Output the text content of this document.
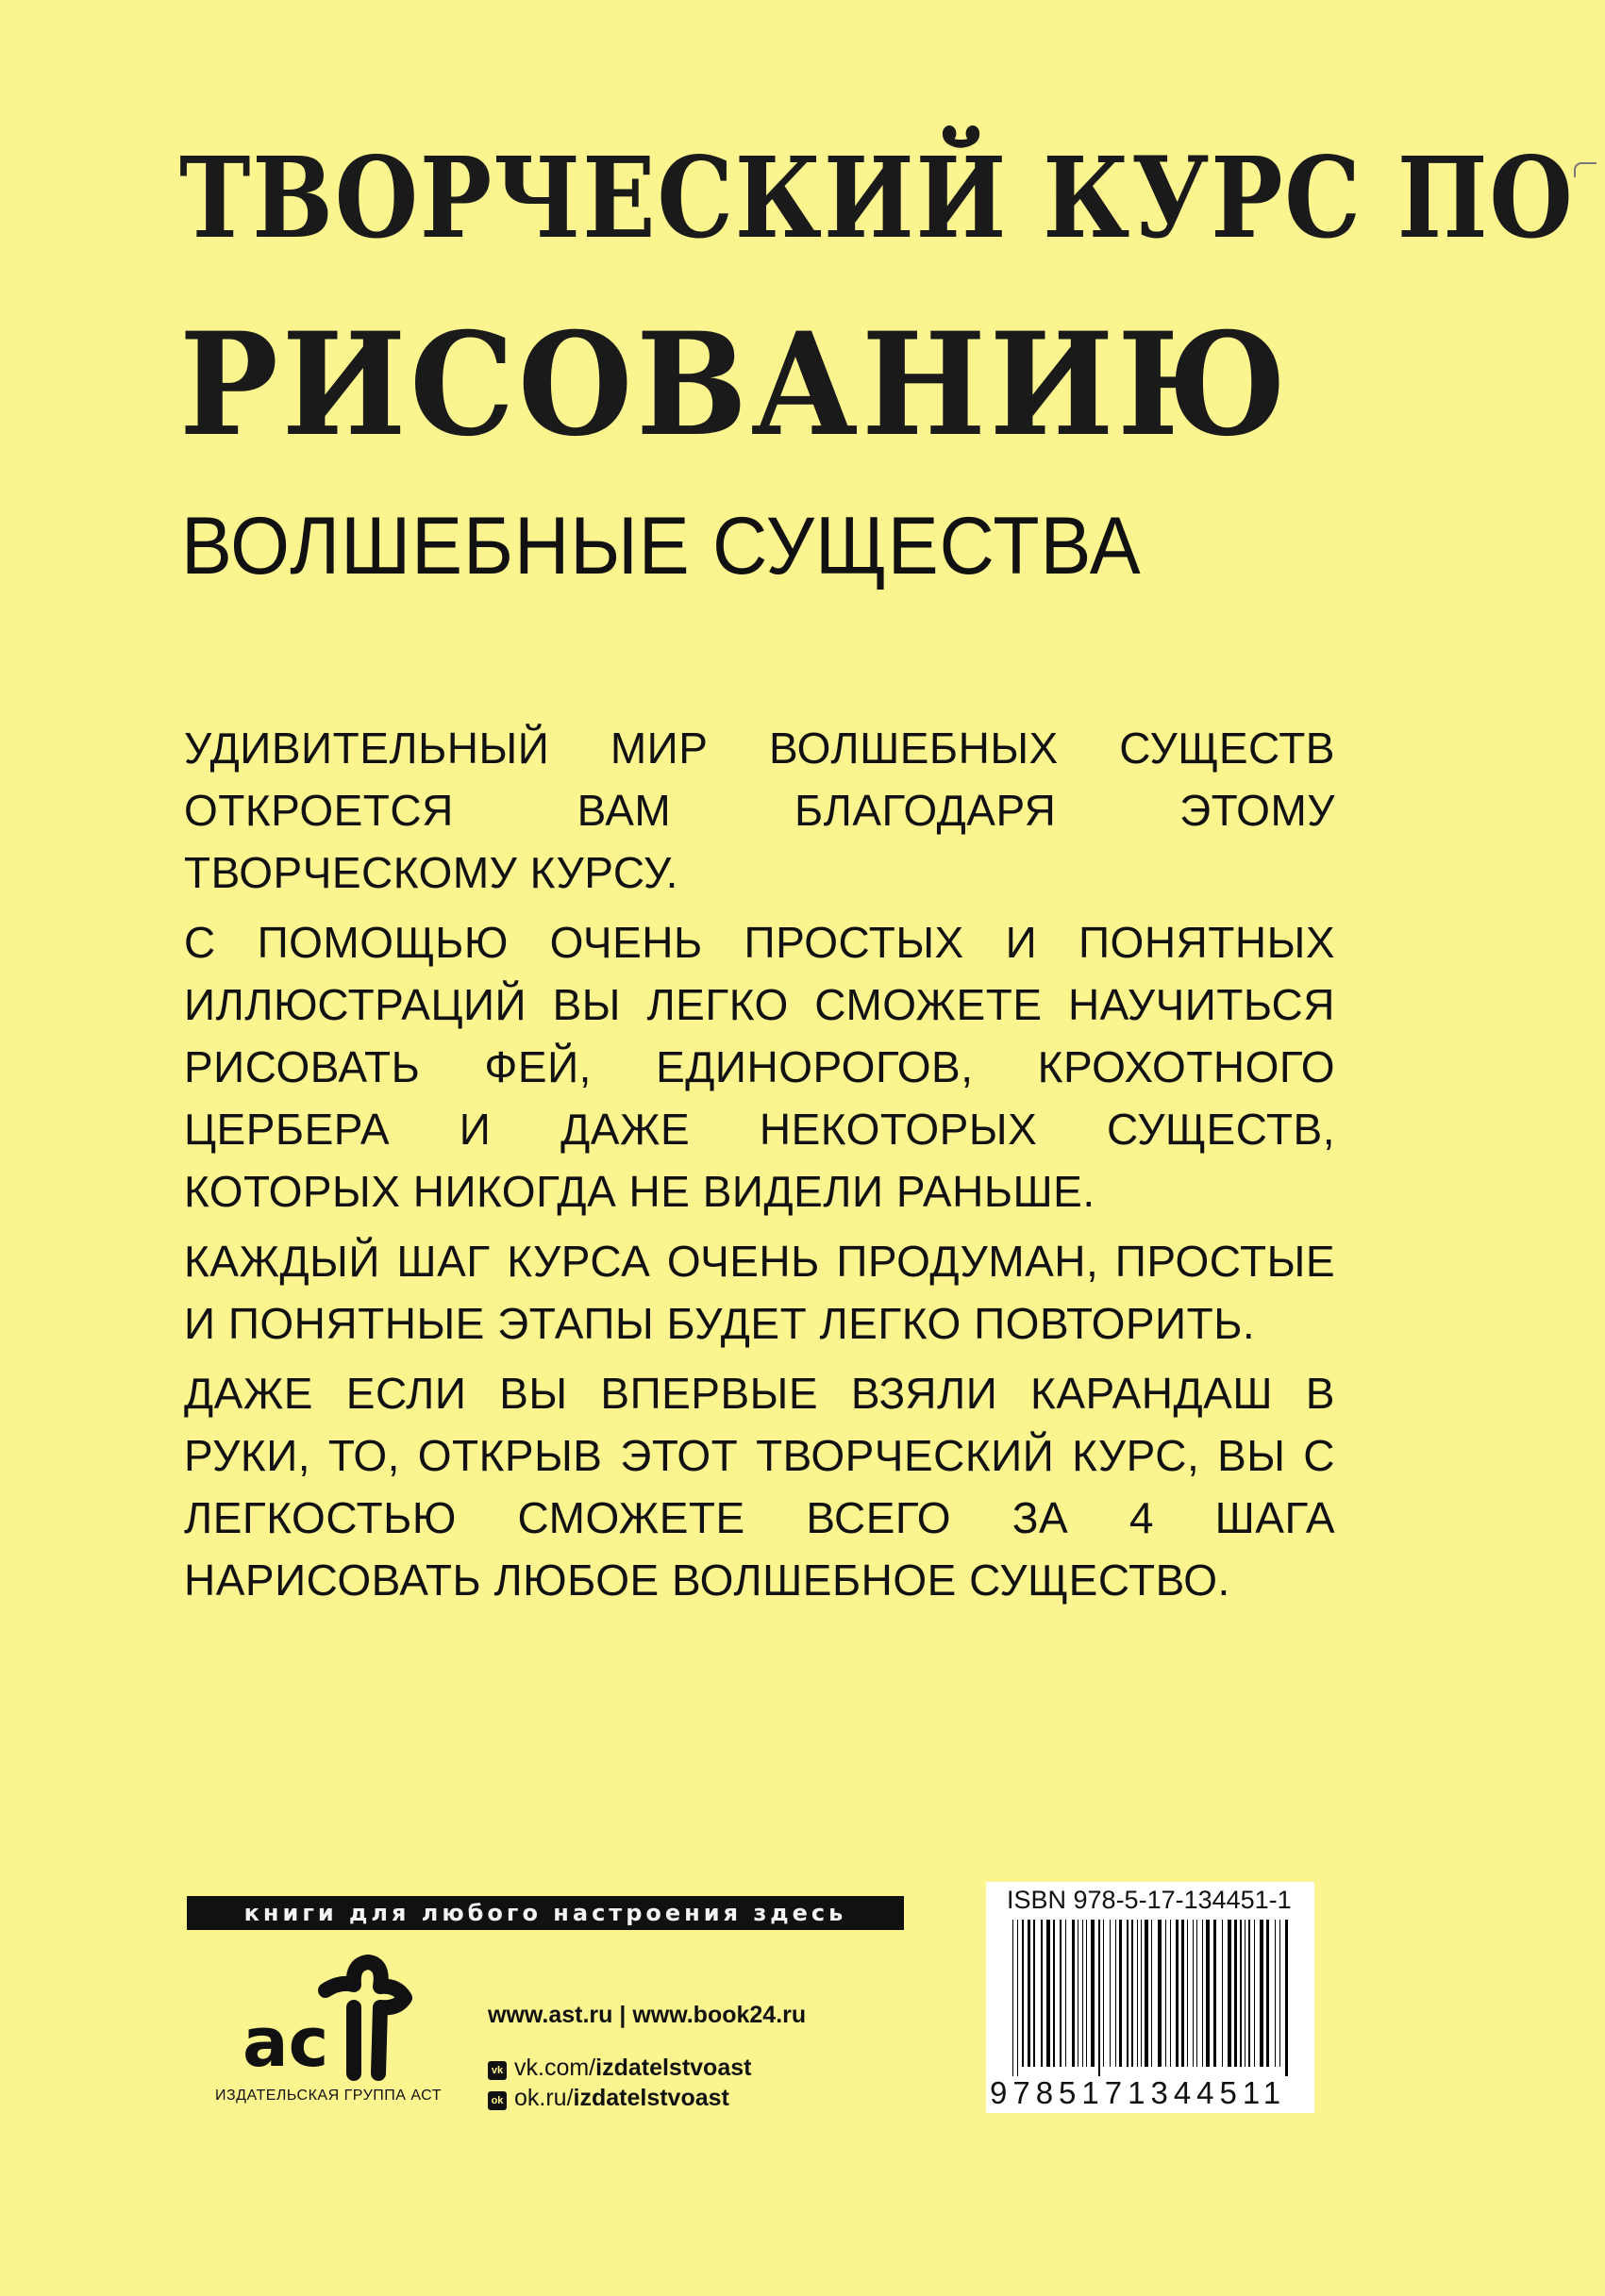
ТВОРЧЕСКИЙ КУРС ПО
РИСОВАНИЮ
ВОЛШЕБНЫЕ СУЩЕСТВА

УДИВИТЕЛЬНЫЙ МИР ВОЛШЕБНЫХ СУЩЕСТВ ОТКРОЕТСЯ ВАМ БЛАГОДАРЯ ЭТОМУ ТВОРЧЕСКОМУ КУРСУ.

С ПОМОЩЬЮ ОЧЕНЬ ПРОСТЫХ И ПОНЯТНЫХ ИЛЛЮСТРАЦИЙ ВЫ ЛЕГКО СМОЖЕТЕ НАУЧИТЬСЯ РИСОВАТЬ ФЕЙ, ЕДИНОРОГОВ, КРОХОТНОГО ЦЕРБЕРА И ДАЖЕ НЕКОТОРЫХ СУЩЕСТВ, КОТОРЫХ НИКОГДА НЕ ВИДЕЛИ РАНЬШЕ.

КАЖДЫЙ ШАГ КУРСА ОЧЕНЬ ПРОДУМАН, ПРОСТЫЕ И ПОНЯТНЫЕ ЭТАПЫ БУДЕТ ЛЕГКО ПОВТОРИТЬ.

ДАЖЕ ЕСЛИ ВЫ ВПЕРВЫЕ ВЗЯЛИ КАРАНДАШ В РУКИ, ТО, ОТКРЫВ ЭТОТ ТВОРЧЕСКИЙ КУРС, ВЫ С ЛЕГКОСТЬЮ СМОЖЕТЕ ВСЕГО ЗА 4 ШАГА НАРИСОВАТЬ ЛЮБОЕ ВОЛШЕБНОЕ СУЩЕСТВО.

книги для любого настроения здесь
ас
ИЗДАТЕЛЬСКАЯ ГРУППА АСТ
www.ast.ru | www.book24.ru
vk vk.com/izdatelstvoast
ok ok.ru/izdatelstvoast
ISBN 978-5-17-134451-1
9785171344511
